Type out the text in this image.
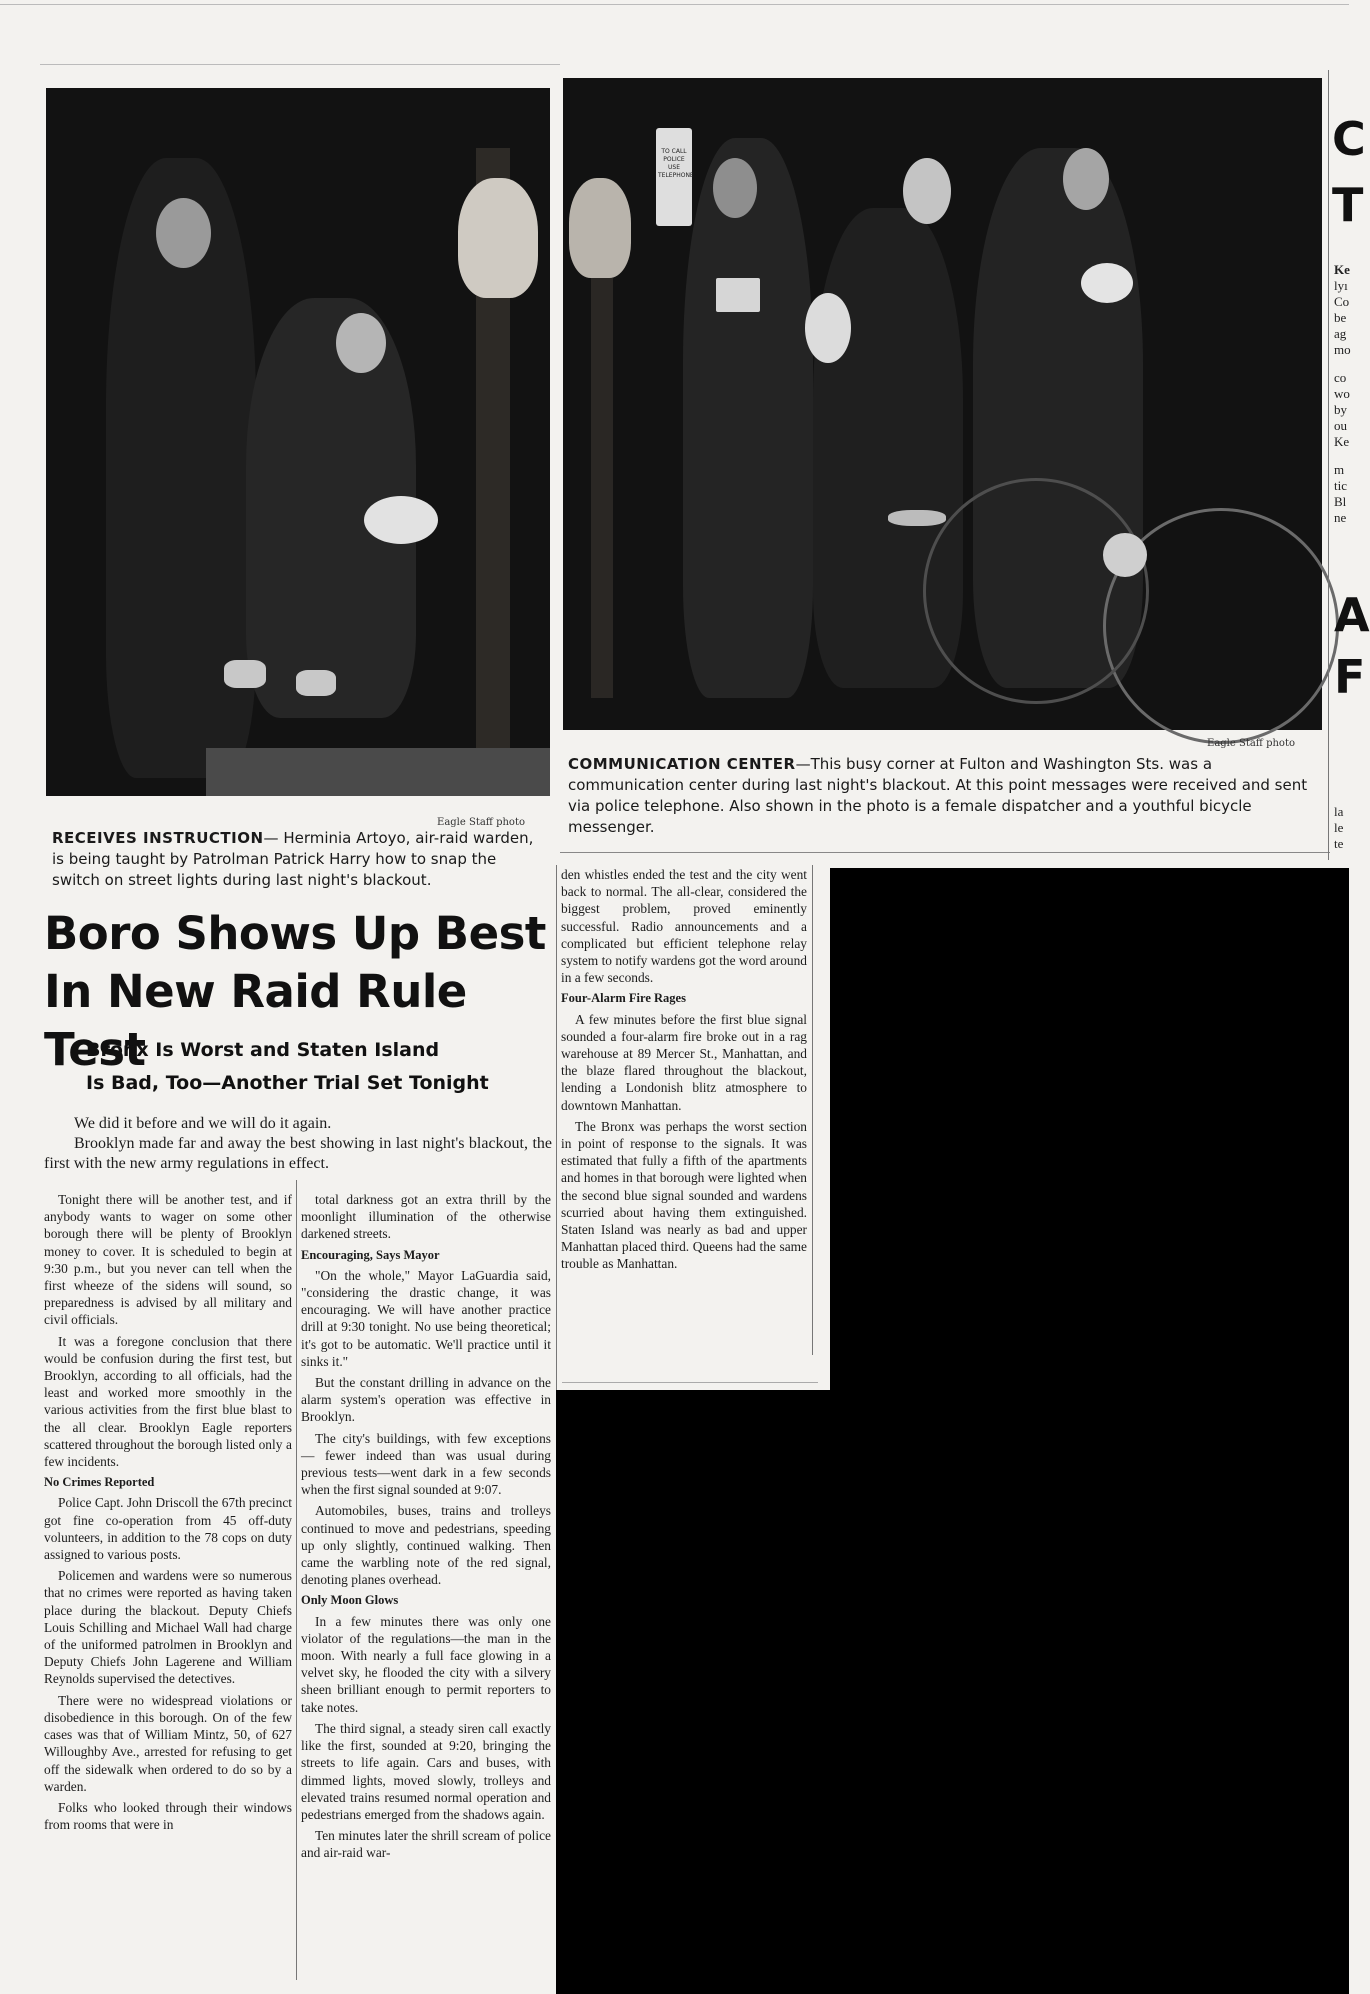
Eagle Staff photo
RECEIVES INSTRUCTION— Herminia Artoyo, air-raid warden, is being taught by Patrolman Patrick Harry how to snap the switch on street lights during last night's blackout.
TO CALL POLICE USE TELEPHONE
Eagle Staff photo
COMMUNICATION CENTER—This busy corner at Fulton and Washington Sts. was a communication center during last night's blackout. At this point messages were received and sent via police telephone. Also shown in the photo is a female dispatcher and a youthful bicycle messenger.
Boro Shows Up Best
In New Raid Rule Test
Bronx Is Worst and Staten Island
Is Bad, Too—Another Trial Set Tonight

We did it before and we will do it again.

Brooklyn made far and away the best showing in last night's blackout, the first with the new army regulations in effect.

Tonight there will be another test, and if anybody wants to wager on some other borough there will be plenty of Brooklyn money to cover. It is scheduled to begin at 9:30 p.m., but you never can tell when the first wheeze of the sidens will sound, so preparedness is advised by all military and civil officials.

It was a foregone conclusion that there would be confusion during the first test, but Brooklyn, according to all officials, had the least and worked more smoothly in the various activities from the first blue blast to the all clear. Brooklyn Eagle reporters scattered throughout the borough listed only a few incidents.

No Crimes Reported

Police Capt. John Driscoll the 67th precinct got fine co-operation from 45 off-duty volunteers, in addition to the 78 cops on duty assigned to various posts.

Policemen and wardens were so numerous that no crimes were reported as having taken place during the blackout. Deputy Chiefs Louis Schilling and Michael Wall had charge of the uniformed patrolmen in Brooklyn and Deputy Chiefs John Lagerene and William Reynolds supervised the detectives.

There were no widespread violations or disobedience in this borough. On of the few cases was that of William Mintz, 50, of 627 Willoughby Ave., arrested for refusing to get off the sidewalk when ordered to do so by a warden.

Folks who looked through their windows from rooms that were in

total darkness got an extra thrill by the moonlight illumination of the otherwise darkened streets.

Encouraging, Says Mayor

"On the whole," Mayor LaGuardia said, "considering the drastic change, it was encouraging. We will have another practice drill at 9:30 tonight. No use being theoretical; it's got to be automatic. We'll practice until it sinks it."

But the constant drilling in advance on the alarm system's operation was effective in Brooklyn.

The city's buildings, with few exceptions — fewer indeed than was usual during previous tests—went dark in a few seconds when the first signal sounded at 9:07.

Automobiles, buses, trains and trolleys continued to move and pedestrians, speeding up only slightly, continued walking. Then came the warbling note of the red signal, denoting planes overhead.

Only Moon Glows

In a few minutes there was only one violator of the regulations—the man in the moon. With nearly a full face glowing in a velvet sky, he flooded the city with a silvery sheen brilliant enough to permit reporters to take notes.

The third signal, a steady siren call exactly like the first, sounded at 9:20, bringing the streets to life again. Cars and buses, with dimmed lights, moved slowly, trolleys and elevated trains resumed normal operation and pedestrians emerged from the shadows again.

Ten minutes later the shrill scream of police and air-raid war-

den whistles ended the test and the city went back to normal. The all-clear, considered the biggest problem, proved eminently successful. Radio announcements and a complicated but efficient telephone relay system to notify wardens got the word around in a few seconds.

Four-Alarm Fire Rages

A few minutes before the first blue signal sounded a four-alarm fire broke out in a rag warehouse at 89 Mercer St., Manhattan, and the blaze flared throughout the blackout, lending a Londonish blitz atmosphere to downtown Manhattan.

The Bronx was perhaps the worst section in point of response to the signals. It was estimated that fully a fifth of the apartments and homes in that borough were lighted when the second blue signal sounded and wardens scurried about having them extinguished. Staten Island was nearly as bad and upper Manhattan placed third. Queens had the same trouble as Manhattan.

C
T
Ke
lyı
Co
be
ag
mo
co
wo
by
ou
Ke
m
tic
Bl
ne
A
F
la
le
te
